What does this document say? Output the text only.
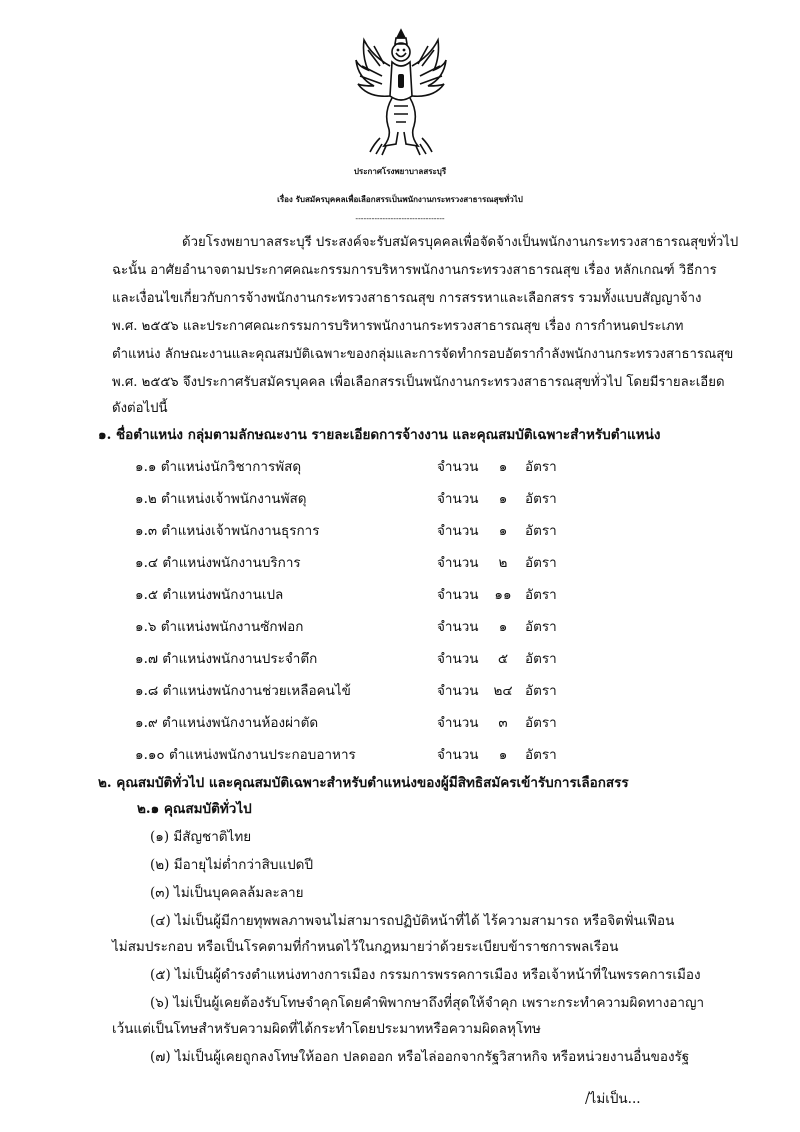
ประกาศโรงพยาบาลสระบุรี
เรื่อง รับสมัครบุคคลเพื่อเลือกสรรเป็นพนักงานกระทรวงสาธารณสุขทั่วไป
---------------------------------
ด้วยโรงพยาบาลสระบุรี ประสงค์จะรับสมัครบุคคลเพื่อจัดจ้างเป็นพนักงานกระทรวงสาธารณสุขทั่วไป
ฉะนั้น อาศัยอำนาจตามประกาศคณะกรรมการบริหารพนักงานกระทรวงสาธารณสุข เรื่อง หลักเกณฑ์ วิธีการ
และเงื่อนไขเกี่ยวกับการจ้างพนักงานกระทรวงสาธารณสุข การสรรหาและเลือกสรร รวมทั้งแบบสัญญาจ้าง
พ.ศ. ๒๕๕๖ และประกาศคณะกรรมการบริหารพนักงานกระทรวงสาธารณสุข เรื่อง การกำหนดประเภท
ตำแหน่ง ลักษณะงานและคุณสมบัติเฉพาะของกลุ่มและการจัดทำกรอบอัตรากำลังพนักงานกระทรวงสาธารณสุข
พ.ศ. ๒๕๕๖ จึงประกาศรับสมัครบุคคล เพื่อเลือกสรรเป็นพนักงานกระทรวงสาธารณสุขทั่วไป โดยมีรายละเอียด
ดังต่อไปนี้
๑. ชื่อตำแหน่ง กลุ่มตามลักษณะงาน รายละเอียดการจ้างงาน และคุณสมบัติเฉพาะสำหรับตำแหน่ง
๑.๑ ตำแหน่งนักวิชาการพัสดุ	จำนวน	๑	อัตรา
๑.๒ ตำแหน่งเจ้าพนักงานพัสดุ	จำนวน	๑	อัตรา
๑.๓ ตำแหน่งเจ้าพนักงานธุรการ	จำนวน	๑	อัตรา
๑.๔ ตำแหน่งพนักงานบริการ	จำนวน	๒	อัตรา
๑.๕ ตำแหน่งพนักงานเปล	จำนวน	๑๑ อัตรา
๑.๖ ตำแหน่งพนักงานซักฟอก	จำนวน	๑	อัตรา
๑.๗ ตำแหน่งพนักงานประจำตึก	จำนวน	๕	อัตรา
๑.๘ ตำแหน่งพนักงานช่วยเหลือคนไข้	จำนวน	๒๔ อัตรา
๑.๙ ตำแหน่งพนักงานห้องผ่าตัด	จำนวน	๓	อัตรา
๑.๑๐ ตำแหน่งพนักงานประกอบอาหาร	จำนวน	๑	อัตรา
๒. คุณสมบัติทั่วไป และคุณสมบัติเฉพาะสำหรับตำแหน่งของผู้มีสิทธิสมัครเข้ารับการเลือกสรร
๒.๑ คุณสมบัติทั่วไป
(๑) มีสัญชาติไทย
(๒) มีอายุไม่ต่ำกว่าสิบแปดปี
(๓) ไม่เป็นบุคคลล้มละลาย
(๔) ไม่เป็นผู้มีกายทุพพลภาพจนไม่สามารถปฏิบัติหน้าที่ได้ ไร้ความสามารถ หรือจิตฟั่นเฟือน
ไม่สมประกอบ หรือเป็นโรคตามที่กำหนดไว้ในกฎหมายว่าด้วยระเบียบข้าราชการพลเรือน
(๕) ไม่เป็นผู้ดำรงตำแหน่งทางการเมือง กรรมการพรรคการเมือง หรือเจ้าหน้าที่ในพรรคการเมือง
(๖) ไม่เป็นผู้เคยต้องรับโทษจำคุกโดยคำพิพากษาถึงที่สุดให้จำคุก เพราะกระทำความผิดทางอาญา
เว้นแต่เป็นโทษสำหรับความผิดที่ได้กระทำโดยประมาทหรือความผิดลหุโทษ
(๗) ไม่เป็นผู้เคยถูกลงโทษให้ออก ปลดออก หรือไล่ออกจากรัฐวิสาหกิจ หรือหน่วยงานอื่นของรัฐ
/ไม่เป็น...
